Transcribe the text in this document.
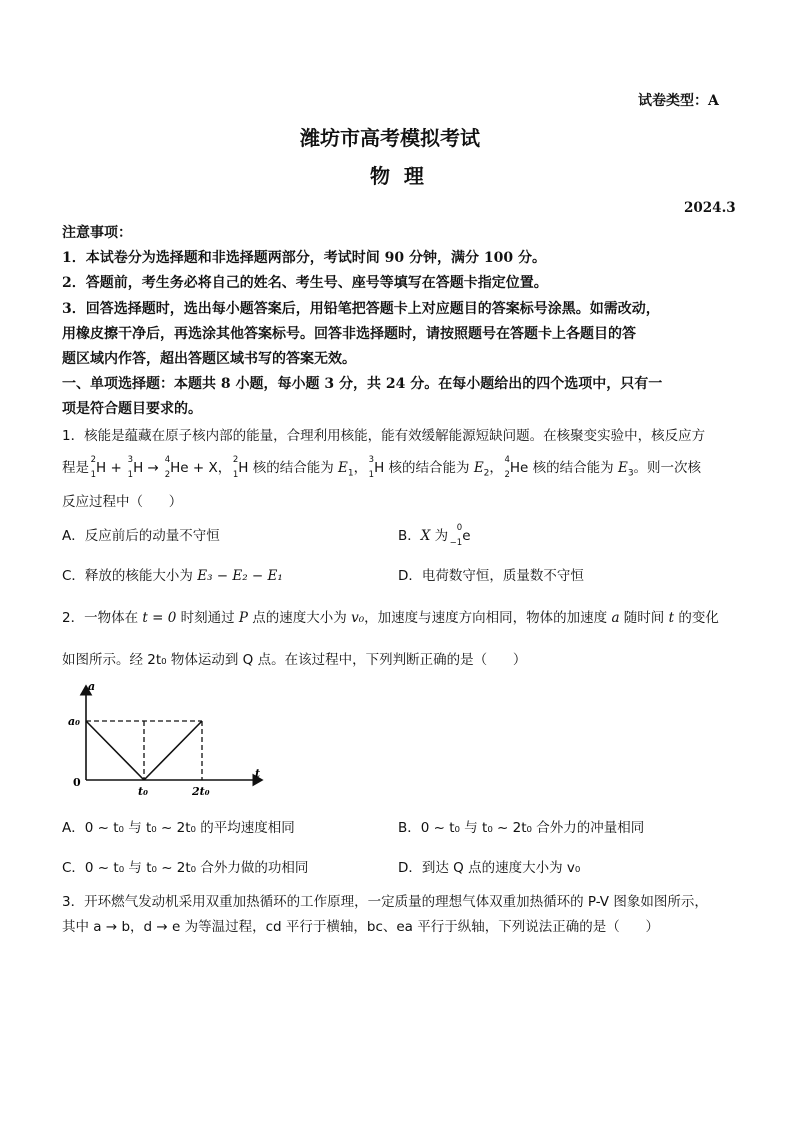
试卷类型：A
潍坊市高考模拟考试
物  理
2024.3
注意事项：
1．本试卷分为选择题和非选择题两部分，考试时间 90 分钟，满分 100 分。
2．答题前，考生务必将自己的姓名、考生号、座号等填写在答题卡指定位置。
3．回答选择题时，选出每小题答案后，用铅笔把答题卡上对应题目的答案标号涂黑。如需改动，
用橡皮擦干净后，再选涂其他答案标号。回答非选择题时，请按照题号在答题卡上各题目的答
题区域内作答，超出答题区域书写的答案无效。
一、单项选择题：本题共 8 小题，每小题 3 分，共 24 分。在每小题给出的四个选项中，只有一
项是符合题目要求的。
1．核能是蕴藏在原子核内部的能量，合理利用核能，能有效缓解能源短缺问题。在核聚变实验中，核反应方
程是 2
1 H + 3
1 H → 4
2 He + X， 2
1 H 核的结合能为 $E_1$， 3
1 H 核的结合能为 $E_2$， 4
2 He 核的结合能为 $E_3$。则一次核
反应过程中（      ）
A．反应前后的动量不守恒	B．X 为 0
−1 e
C．释放的核能大小为 E₃ − E₂ − E₁	D．电荷数守恒，质量数不守恒
2．一物体在 t = 0 时刻通过 P 点的速度大小为 v₀，加速度与速度方向相同，物体的加速度 a 随时间 t 的变化
如图所示。经 2t₀ 物体运动到 Q 点。在该过程中，下列判断正确的是（      ）
a
t
a₀
0
t₀	2t₀
A．0 ~ t₀ 与 t₀ ~ 2t₀ 的平均速度相同	B．0 ~ t₀ 与 t₀ ~ 2t₀ 合外力的冲量相同
C．0 ~ t₀ 与 t₀ ~ 2t₀ 合外力做的功相同	D．到达 Q 点的速度大小为 v₀
3．开环燃气发动机采用双重加热循环的工作原理，一定质量的理想气体双重加热循环的 P-V 图象如图所示，
其中 a → b，d → e 为等温过程，cd 平行于横轴，bc、ea 平行于纵轴，下列说法正确的是（      ）
